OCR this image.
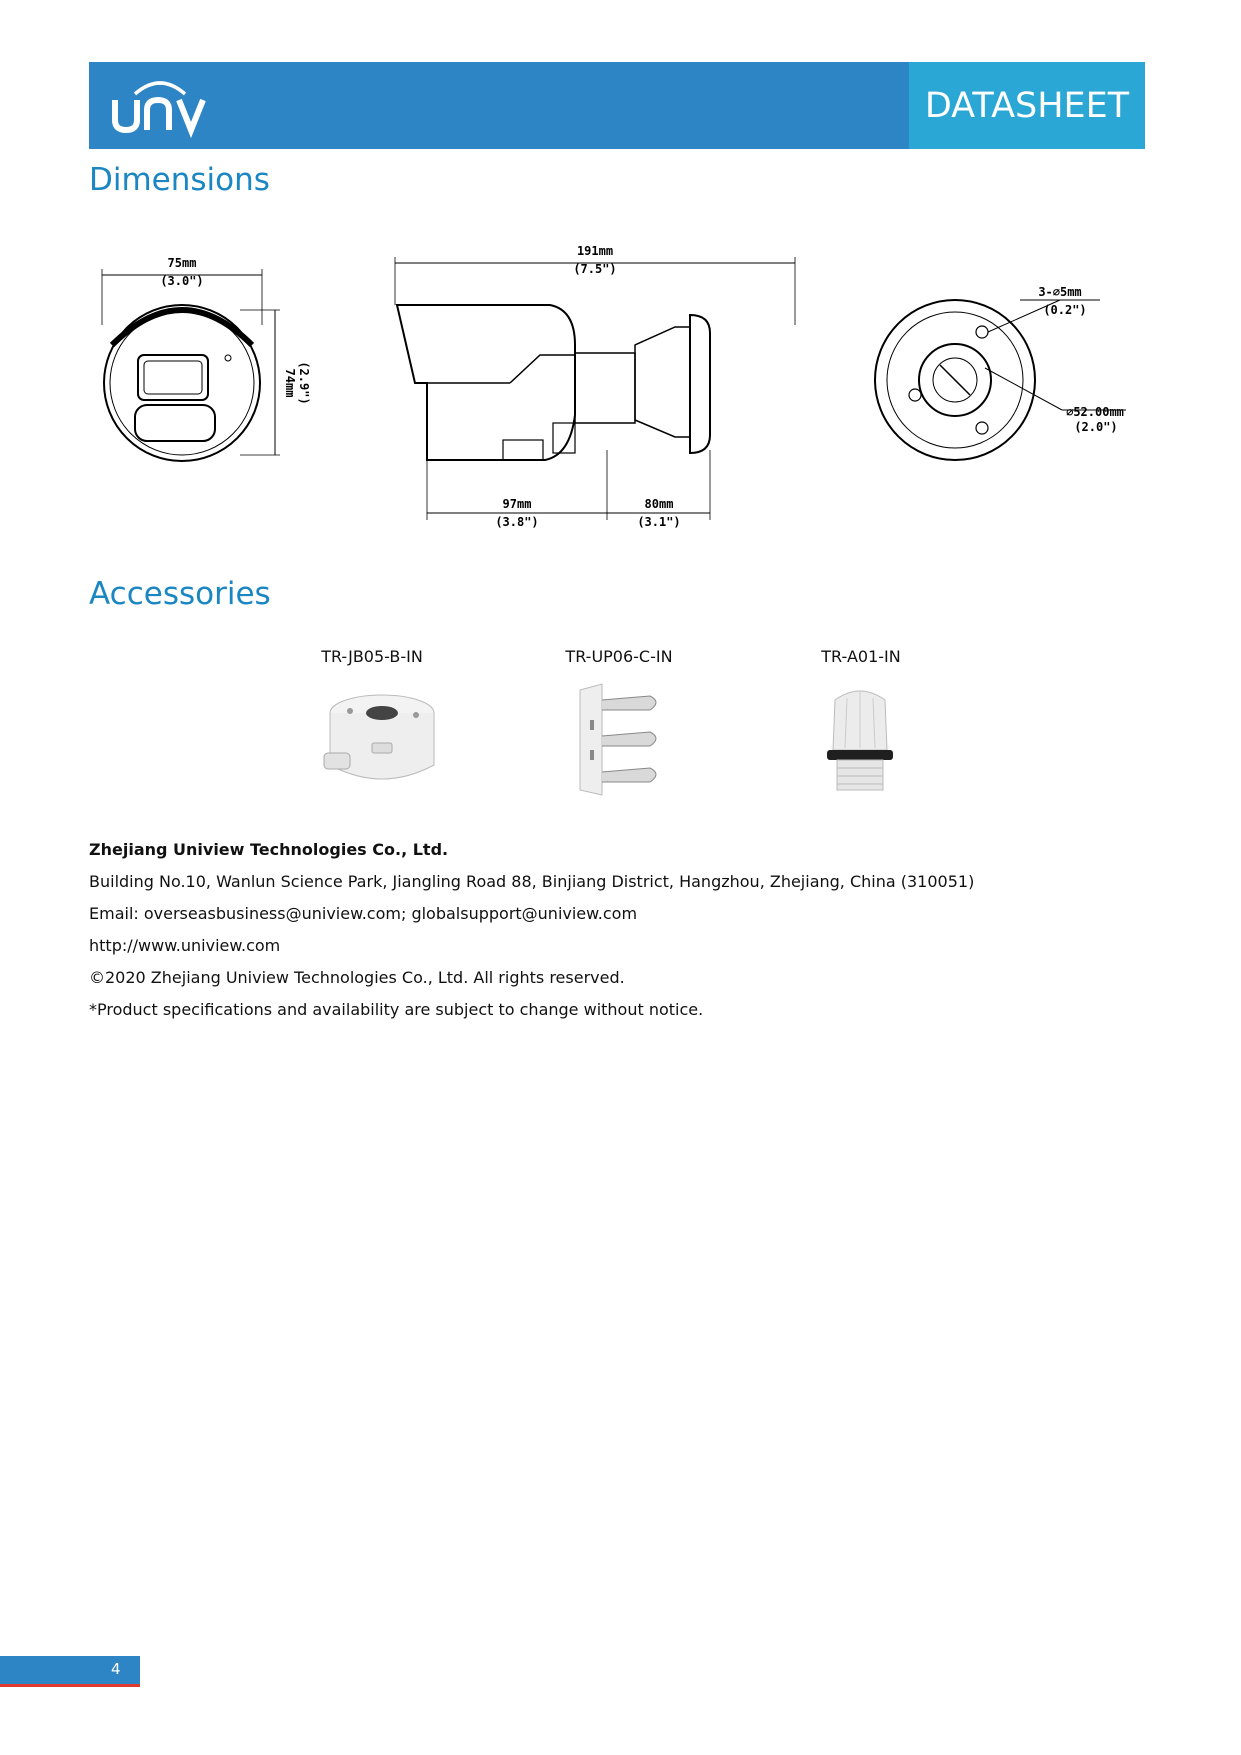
DATASHEET
Dimensions
75mm
(3.0")
74mm (2.9")
191mm
(7.5")
97mm
(3.8")
80mm
(3.1")
3-∅5mm
(0.2")
∅52.00mm
(2.0")
Accessories
TR-JB05-B-IN	TR-UP06-C-IN	TR-A01-IN
Zhejiang Uniview Technologies Co., Ltd.
Building No.10, Wanlun Science Park, Jiangling Road 88, Binjiang District, Hangzhou, Zhejiang, China (310051)
Email: overseasbusiness@uniview.com; globalsupport@uniview.com
http://www.uniview.com
©2020 Zhejiang Uniview Technologies Co., Ltd. All rights reserved.
*Product specifications and availability are subject to change without notice.
4
